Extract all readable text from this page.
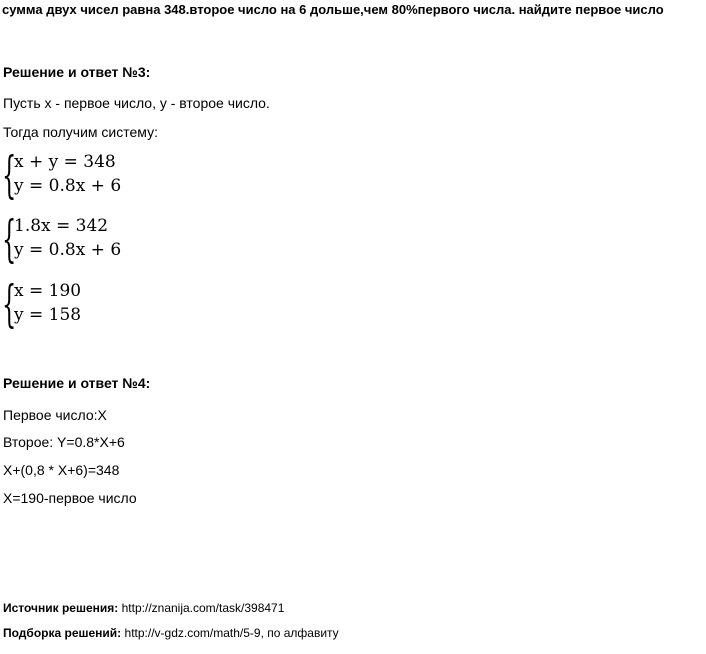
сумма двух чисел равна 348.второе число на 6 дольше,чем 80%первого числа. найдите первое число
Решение и ответ №3:
Пусть x - первое число, y - второе число.
Тогда получим систему:
{
x + y = 348
y = 0.8x + 6
{
1.8x = 342
y = 0.8x + 6
{
x = 190
y = 158
Решение и ответ №4:
Первое число:X
Второе: Y=0.8*X+6
X+(0,8 * X+6)=348
X=190-первое число
Источник решения: http://znanija.com/task/398471
Подборка решений: http://v-gdz.com/math/5-9, по алфавиту
